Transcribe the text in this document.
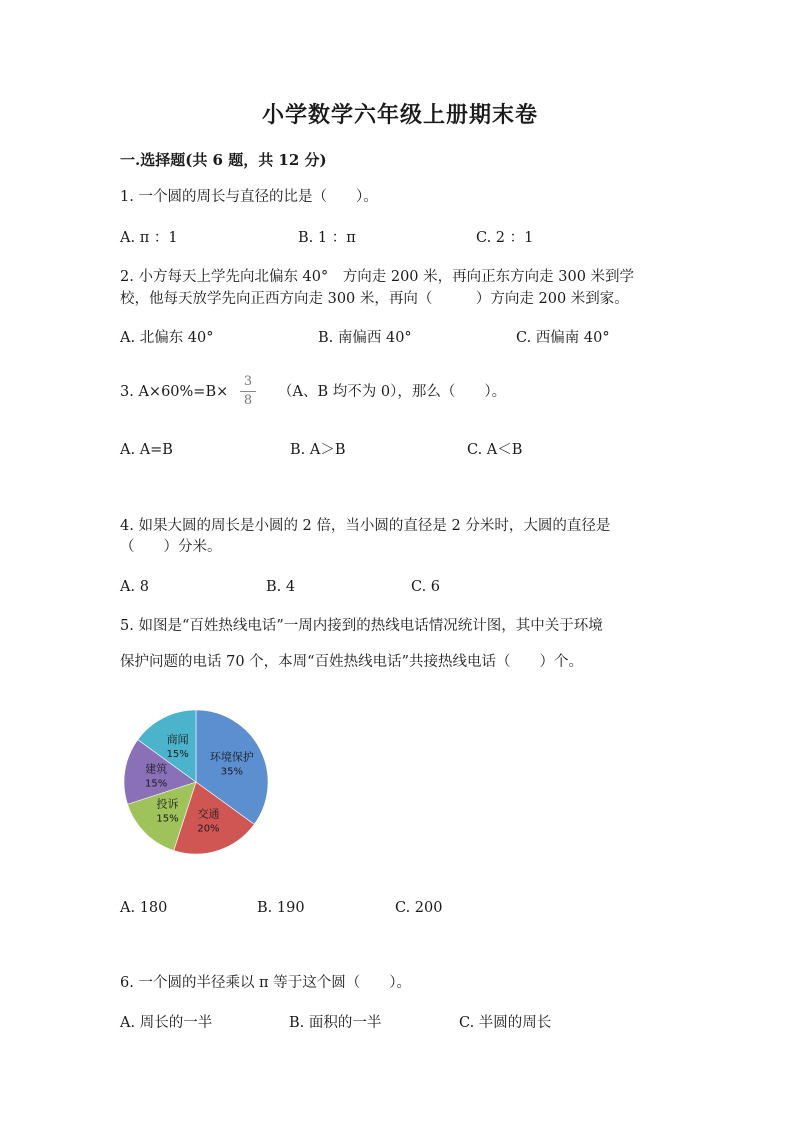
小学数学六年级上册期末卷
一.选择题(共 6 题，共 12 分)
1. 一个圆的周长与直径的比是（　　）。
A. π ：1	B. 1 ：π	C. 2 ：1
2. 小方每天上学先向北偏东 40°　方向走 200 米，再向正东方向走 300 米到学
校，他每天放学先向正西方向走 300 米，再向（　　　）方向走 200 米到家。
A. 北偏东 40°	B. 南偏西 40°	C. 西偏南 40°
3. A×60%=B×
3
8
（A、B 均不为 0），那么（　　）。
A. A=B	B. A＞B	C. A＜B
4. 如果大圆的周长是小圆的 2 倍，当小圆的直径是 2 分米时，大圆的直径是
（　　）分米。
A. 8	B. 4	C. 6
5. 如图是“百姓热线电话”一周内接到的热线电话情况统计图，其中关于环境
保护问题的电话 70 个，本周“百姓热线电话”共接热线电话（　　）个。
环境保护
35%
交通
20%
投诉
15%
建筑
15%
商闻
15%
A. 180	B. 190	C. 200
6. 一个圆的半径乘以 π 等于这个圆（　　）。
A. 周长的一半	B. 面积的一半	C. 半圆的周长
